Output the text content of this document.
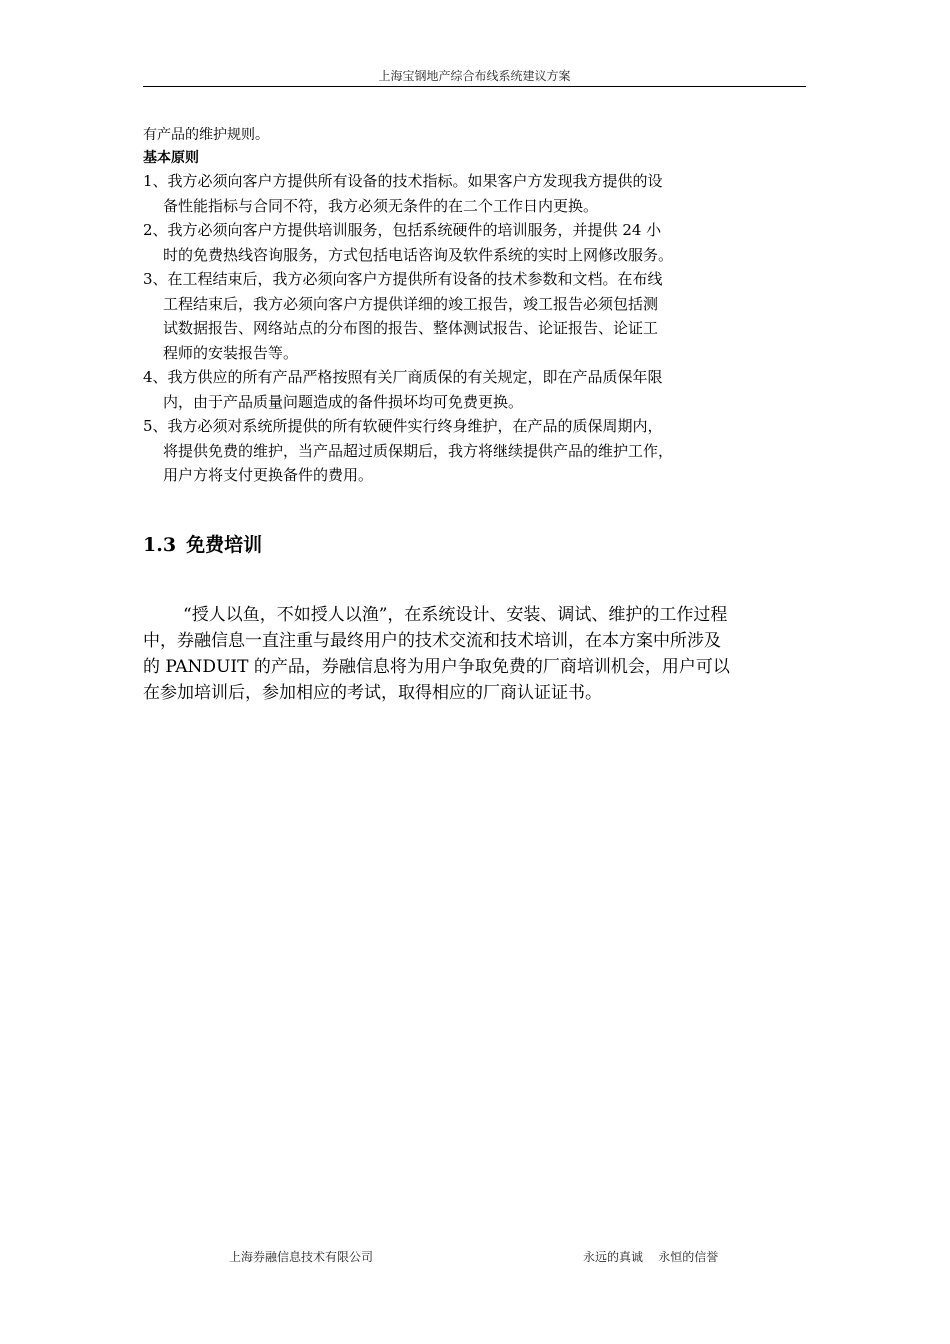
上海宝钢地产综合布线系统建议方案
有产品的维护规则。
基本原则
1、我方必须向客户方提供所有设备的技术指标。如果客户方发现我方提供的设
备性能指标与合同不符，我方必须无条件的在二个工作日内更换。
2、我方必须向客户方提供培训服务，包括系统硬件的培训服务，并提供 24 小
时的免费热线咨询服务，方式包括电话咨询及软件系统的实时上网修改服务。
3、在工程结束后，我方必须向客户方提供所有设备的技术参数和文档。在布线
工程结束后，我方必须向客户方提供详细的竣工报告，竣工报告必须包括测
试数据报告、网络站点的分布图的报告、整体测试报告、论证报告、论证工
程师的安装报告等。
4、我方供应的所有产品严格按照有关厂商质保的有关规定，即在产品质保年限
内，由于产品质量问题造成的备件损坏均可免费更换。
5、我方必须对系统所提供的所有软硬件实行终身维护，在产品的质保周期内，
将提供免费的维护，当产品超过质保期后，我方将继续提供产品的维护工作，
用户方将支付更换备件的费用。
1.3 免费培训
“授人以鱼，不如授人以渔”，在系统设计、安装、调试、维护的工作过程
中，券融信息一直注重与最终用户的技术交流和技术培训，在本方案中所涉及
的 PANDUIT 的产品，券融信息将为用户争取免费的厂商培训机会，用户可以
在参加培训后，参加相应的考试，取得相应的厂商认证证书。
上海券融信息技术有限公司	永远的真诚    永恒的信誉
